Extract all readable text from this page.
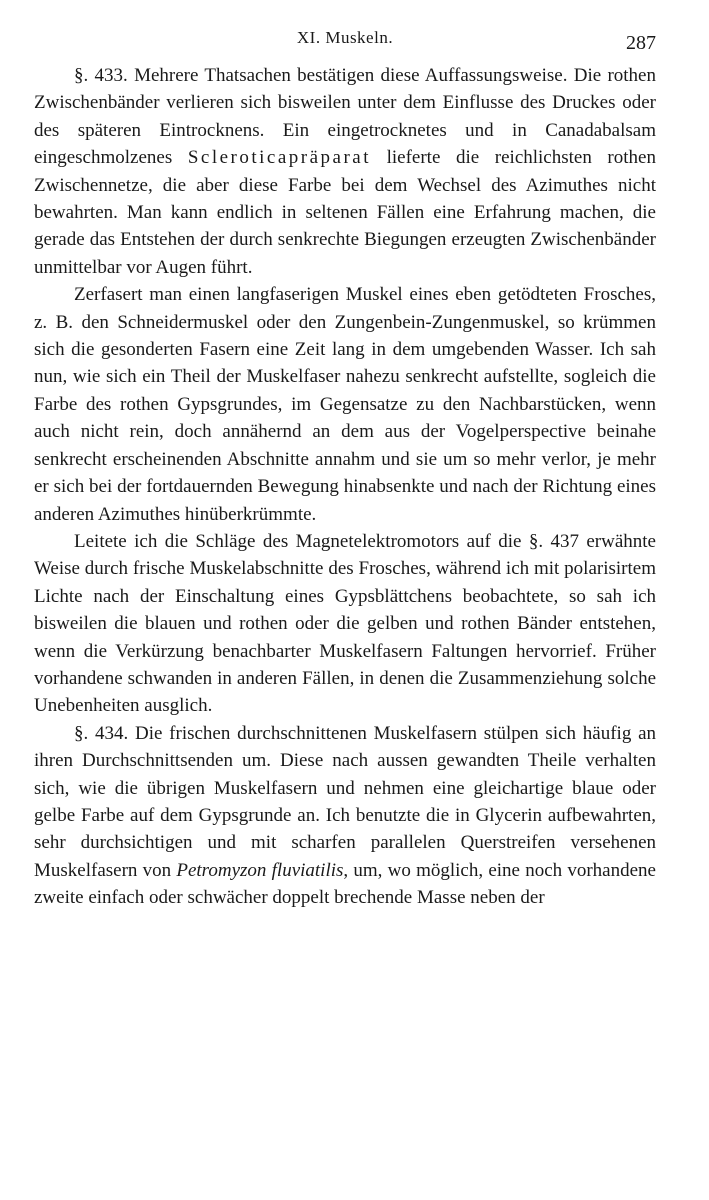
XI. Muskeln.	287

§. 433. Mehrere Thatsachen bestätigen diese Auffassungsweise. Die rothen Zwischenbänder verlieren sich bisweilen unter dem Einflusse des Druckes oder des späteren Eintrocknens. Ein eingetrocknetes und in Canadabalsam eingeschmolzenes Scleroticapräparat lieferte die reichlichsten rothen Zwischennetze, die aber diese Farbe bei dem Wechsel des Azimuthes nicht bewahrten. Man kann endlich in seltenen Fällen eine Erfahrung machen, die gerade das Entstehen der durch senkrechte Biegungen erzeugten Zwischenbänder unmittelbar vor Augen führt.

Zerfasert man einen langfaserigen Muskel eines eben getödteten Frosches, z. B. den Schneidermuskel oder den Zungenbein-Zungenmuskel, so krümmen sich die gesonderten Fasern eine Zeit lang in dem umgebenden Wasser. Ich sah nun, wie sich ein Theil der Muskelfaser nahezu senkrecht aufstellte, sogleich die Farbe des rothen Gypsgrundes, im Gegensatze zu den Nachbarstücken, wenn auch nicht rein, doch annähernd an dem aus der Vogelperspective beinahe senkrecht erscheinenden Abschnitte annahm und sie um so mehr verlor, je mehr er sich bei der fortdauernden Bewegung hinabsenkte und nach der Richtung eines anderen Azimuthes hinüberkrümmte.

Leitete ich die Schläge des Magnetelektromotors auf die §. 437 erwähnte Weise durch frische Muskelabschnitte des Frosches, während ich mit polarisirtem Lichte nach der Einschaltung eines Gypsblättchens beobachtete, so sah ich bisweilen die blauen und rothen oder die gelben und rothen Bänder entstehen, wenn die Verkürzung benachbarter Muskelfasern Faltungen hervorrief. Früher vorhandene schwanden in anderen Fällen, in denen die Zusammenziehung solche Unebenheiten ausglich.

§. 434. Die frischen durchschnittenen Muskelfasern stülpen sich häufig an ihren Durchschnittsenden um. Diese nach aussen gewandten Theile verhalten sich, wie die übrigen Muskelfasern und nehmen eine gleichartige blaue oder gelbe Farbe auf dem Gypsgrunde an. Ich benutzte die in Glycerin aufbewahrten, sehr durchsichtigen und mit scharfen parallelen Querstreifen versehenen Muskelfasern von Petromyzon fluviatilis, um, wo möglich, eine noch vorhandene zweite einfach oder schwächer doppelt brechende Masse neben der
